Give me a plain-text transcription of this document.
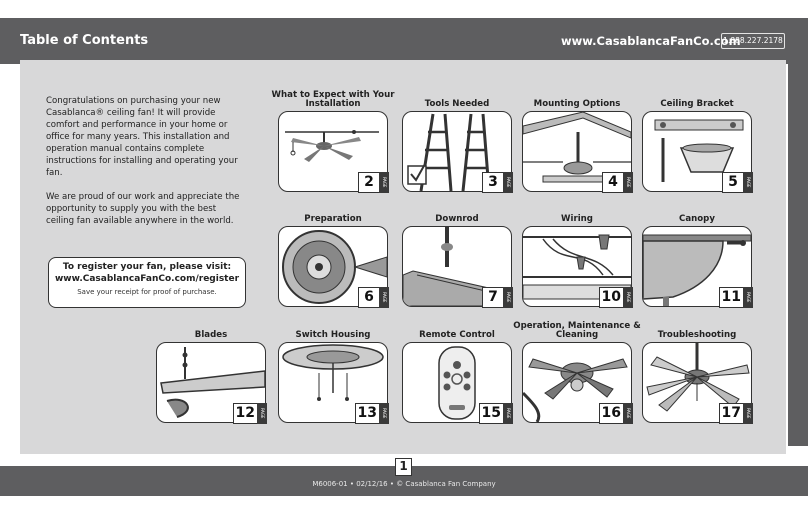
Table of Contents	www.CasablancaFanCo.com
1.888.227.2178

Congratulations on purchasing your new Casablanca® ceiling fan! It will provide comfort and performance in your home or office for many years. This installation and operation manual contains complete instructions for installing and operating your fan.

We are proud of our work and appreciate the opportunity to supply you with the best ceiling fan available anywhere in the world.

To register your fan, please visit:
www.CasablancaFanCo.com/register
Save your receipt for proof of purchase.
What to Expect with Your Installation
2	PAGE
Tools Needed
3	PAGE
Mounting Options
4	PAGE
Ceiling Bracket
5	PAGE
Preparation
6	PAGE
Downrod
7	PAGE
Wiring
10	PAGE
Canopy
11	PAGE
Blades
12	PAGE
Switch Housing
13	PAGE
Remote Control
15	PAGE
Operation, Maintenance & Cleaning
16	PAGE
Troubleshooting
17	PAGE
1
M6006-01 • 02/12/16 • © Casablanca Fan Company
